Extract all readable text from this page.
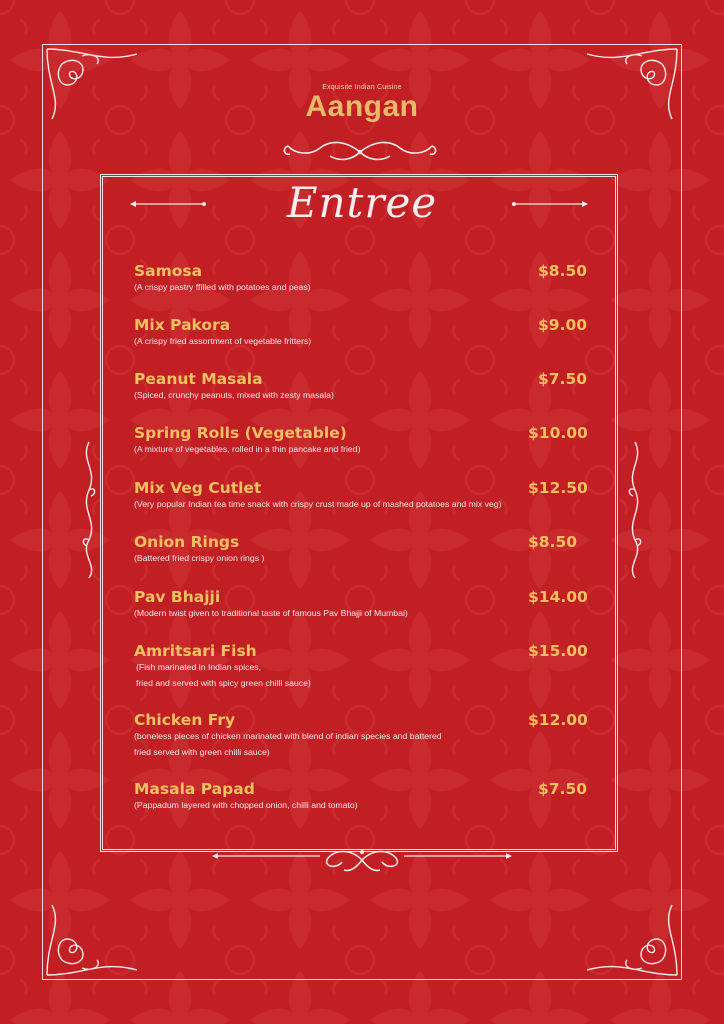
Exquisite Indian Cuisine
Aangan
Entree
Samosa	$8.50
(A crispy pastry ffilled with potatoes and peas)
Mix Pakora	$9.00
(A crispy fried assortment of vegetable fritters)
Peanut Masala	$7.50
(Spiced, crunchy peanuts, mixed with zesty masala)
Spring Rolls (Vegetable)	$10.00
(A mixture of vegetables, rolled in a thin pancake and fried)
Mix Veg Cutlet	$12.50
(Very popular Indian tea time snack with crispy crust made up of mashed potatoes and mix veg)
Onion Rings	$8.50
(Battered fried crispy onion rings )
Pav Bhajji	$14.00
(Modern twist given to traditional taste of famous Pav Bhajji of Mumbai)
Amritsari Fish	$15.00
(Fish marinated in Indian spices,
fried and served with spicy green chilli sauce)
Chicken Fry	$12.00
(boneless pieces of chicken marinated with blend of indian species and battered
fried served with green chilli sauce)
Masala Papad	$7.50
(Pappadum layered with chopped onion, chilli and tomato)
